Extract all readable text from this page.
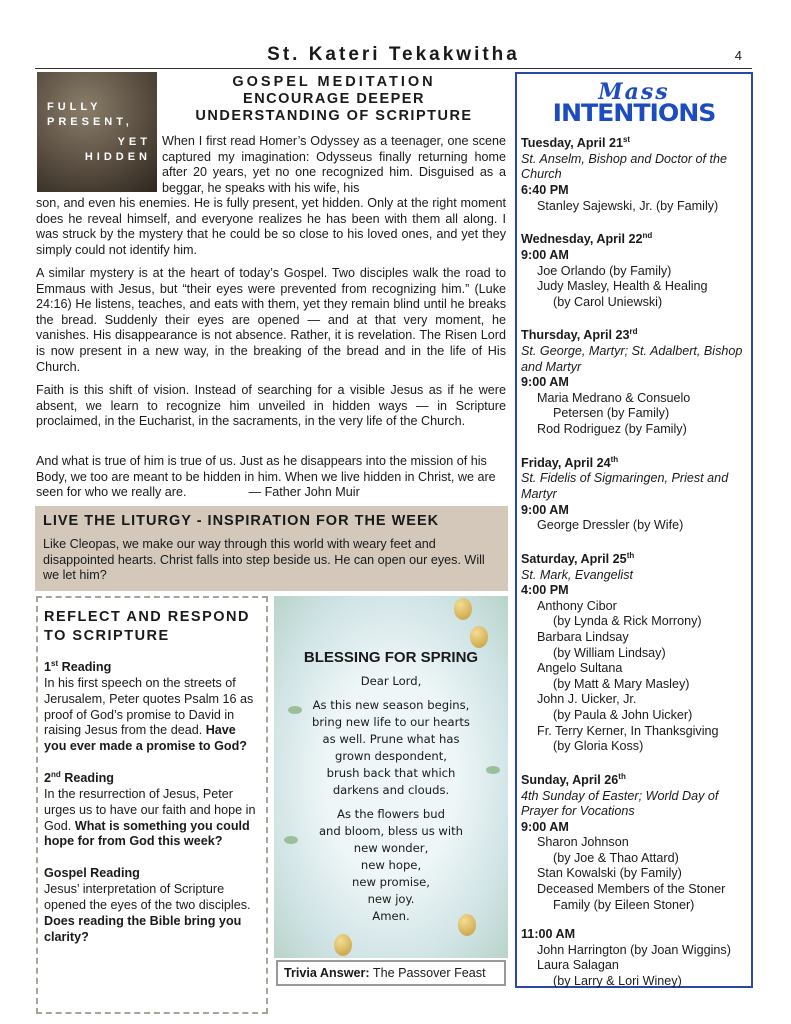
St. Kateri Tekakwitha	4
FULLY
PRESENT,
YET
HIDDEN
GOSPEL MEDITATION
ENCOURAGE DEEPER
UNDERSTANDING OF SCRIPTURE

When I first read Homer’s Odyssey as a teenager, one scene captured my imagination: Odysseus finally returning home after 20 years, yet no one recognized him. Disguised as a beggar, he speaks with his wife, his

son, and even his enemies. He is fully present, yet hidden. Only at the right moment does he reveal himself, and everyone realizes he has been with them all along. I was struck by the mystery that he could be so close to his loved ones, and yet they simply could not identify him.

A similar mystery is at the heart of today’s Gospel. Two disciples walk the road to Emmaus with Jesus, but “their eyes were prevented from recognizing him.” (Luke 24:16) He listens, teaches, and eats with them, yet they remain blind until he breaks the bread. Suddenly their eyes are opened — and at that very moment, he vanishes. His disappearance is not absence. Rather, it is revelation. The Risen Lord is now present in a new way, in the breaking of the bread and in the life of His Church.

Faith is this shift of vision. Instead of searching for a visible Jesus as if he were absent, we learn to recognize him unveiled in hidden ways — in Scripture proclaimed, in the Eucharist, in the sacraments, in the very life of the Church.

And what is true of him is true of us. Just as he disappears into the mission of his Body, we too are meant to be hidden in him. When we live hidden in Christ, we are seen for who we really are.	— Father John Muir

LIVE THE LITURGY - INSPIRATION FOR THE WEEK

Like Cleopas, we make our way through this world with weary feet and disappointed hearts. Christ falls into step beside us. He can open our eyes. Will we let him?

REFLECT AND RESPOND TO SCRIPTURE
1st Reading
In his first speech on the streets of Jerusalem, Peter quotes Psalm 16 as proof of God’s promise to David in raising Jesus from the dead. Have you ever made a promise to God?
2nd Reading
In the resurrection of Jesus, Peter urges us to have our faith and hope in God. What is something you could hope for from God this week?
Gospel Reading
Jesus’ interpretation of Scripture opened the eyes of the two disciples. Does reading the Bible bring you clarity?
BLESSING FOR SPRING

Dear Lord,

As this new season begins,
bring new life to our hearts
as well. Prune what has
grown despondent,
brush back that which
darkens and clouds.

As the flowers bud
and bloom, bless us with
new wonder,
new hope,
new promise,
new joy.
Amen.

Trivia Answer: The Passover Feast
Mass
INTENTIONS
Tuesday, April 21st
St. Anselm, Bishop and Doctor of the Church
6:40 PM
Stanley Sajewski, Jr. (by Family)
Wednesday, April 22nd
9:00 AM
Joe Orlando (by Family)
Judy Masley, Health & Healing
(by Carol Uniewski)
Thursday, April 23rd
St. George, Martyr; St. Adalbert, Bishop and Martyr
9:00 AM
Maria Medrano & Consuelo
Petersen (by Family)
Rod Rodriguez (by Family)
Friday, April 24th
St. Fidelis of Sigmaringen, Priest and Martyr
9:00 AM
George Dressler (by Wife)
Saturday, April 25th
St. Mark, Evangelist
4:00 PM
Anthony Cibor
(by Lynda & Rick Morrony)
Barbara Lindsay
(by William Lindsay)
Angelo Sultana
(by Matt & Mary Masley)
John J. Uicker, Jr.
(by Paula & John Uicker)
Fr. Terry Kerner, In Thanksgiving
(by Gloria Koss)
Sunday, April 26th
4th Sunday of Easter; World Day of Prayer for Vocations
9:00 AM
Sharon Johnson
(by Joe & Thao Attard)
Stan Kowalski (by Family)
Deceased Members of the Stoner
Family (by Eileen Stoner)
11:00 AM
John Harrington (by Joan Wiggins)
Laura Salagan
(by Larry & Lori Winey)
